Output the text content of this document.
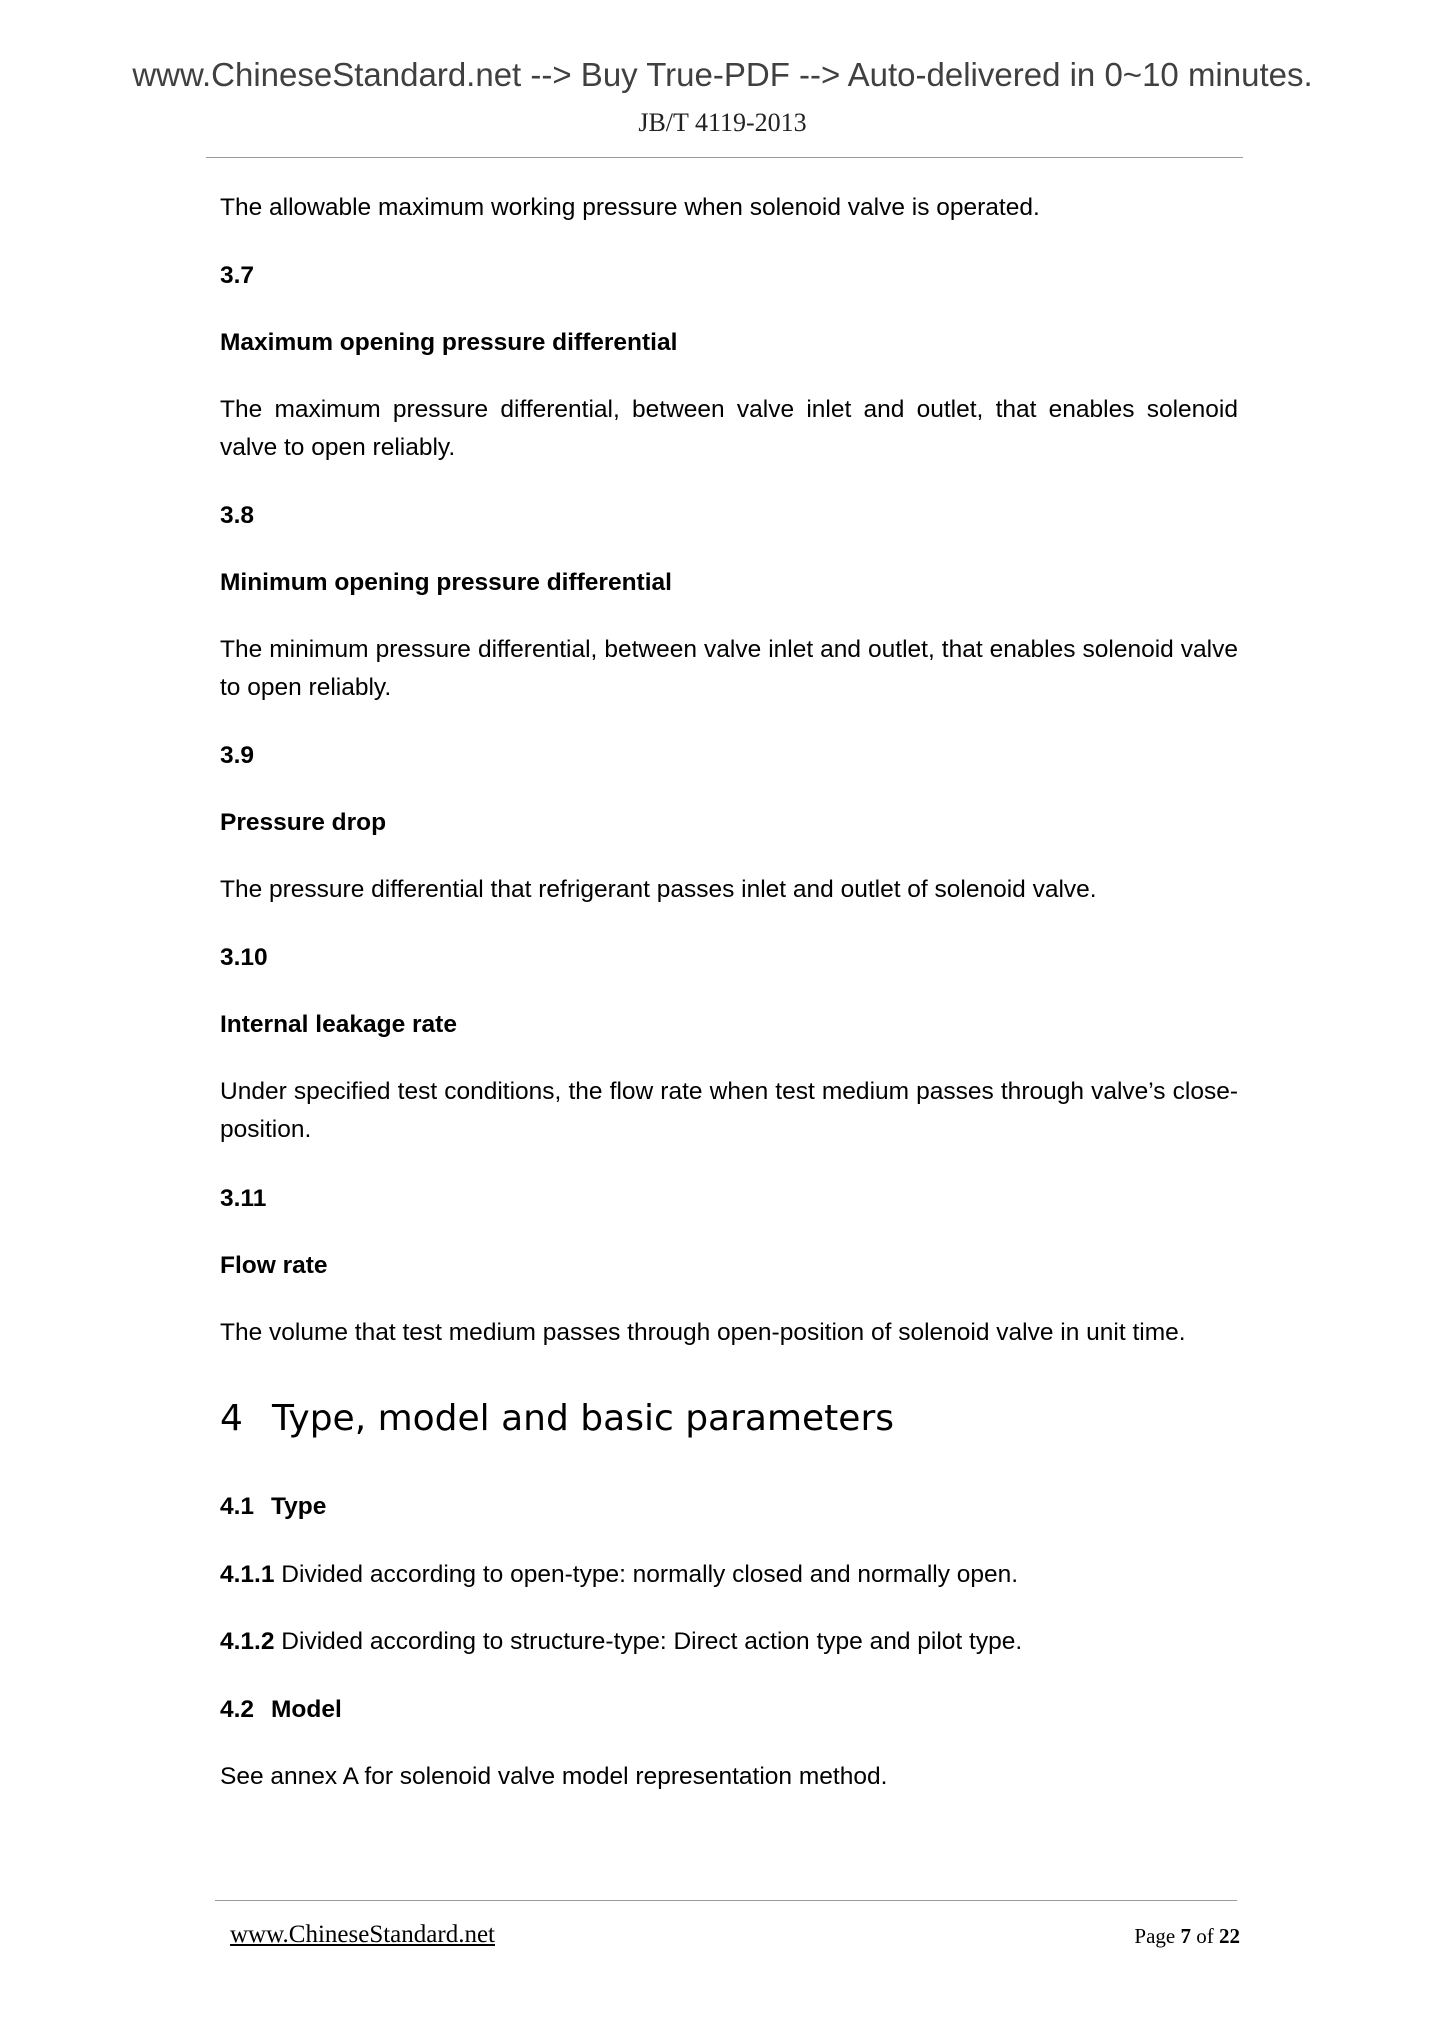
www.ChineseStandard.net --> Buy True-PDF --> Auto-delivered in 0~10 minutes.
JB/T 4119-2013
The allowable maximum working pressure when solenoid valve is operated.
3.7
Maximum opening pressure differential
The maximum pressure differential, between valve inlet and outlet, that enables solenoid valve to open reliably.
3.8
Minimum opening pressure differential
The minimum pressure differential, between valve inlet and outlet, that enables solenoid valve to open reliably.
3.9
Pressure drop
The pressure differential that refrigerant passes inlet and outlet of solenoid valve.
3.10
Internal leakage rate
Under specified test conditions, the flow rate when test medium passes through valve’s close-position.
3.11
Flow rate
The volume that test medium passes through open-position of solenoid valve in unit time.
4 Type, model and basic parameters
4.1 Type
4.1.1 Divided according to open-type: normally closed and normally open.
4.1.2 Divided according to structure-type: Direct action type and pilot type.
4.2 Model
See annex A for solenoid valve model representation method.
www.ChineseStandard.net	Page 7 of 22
